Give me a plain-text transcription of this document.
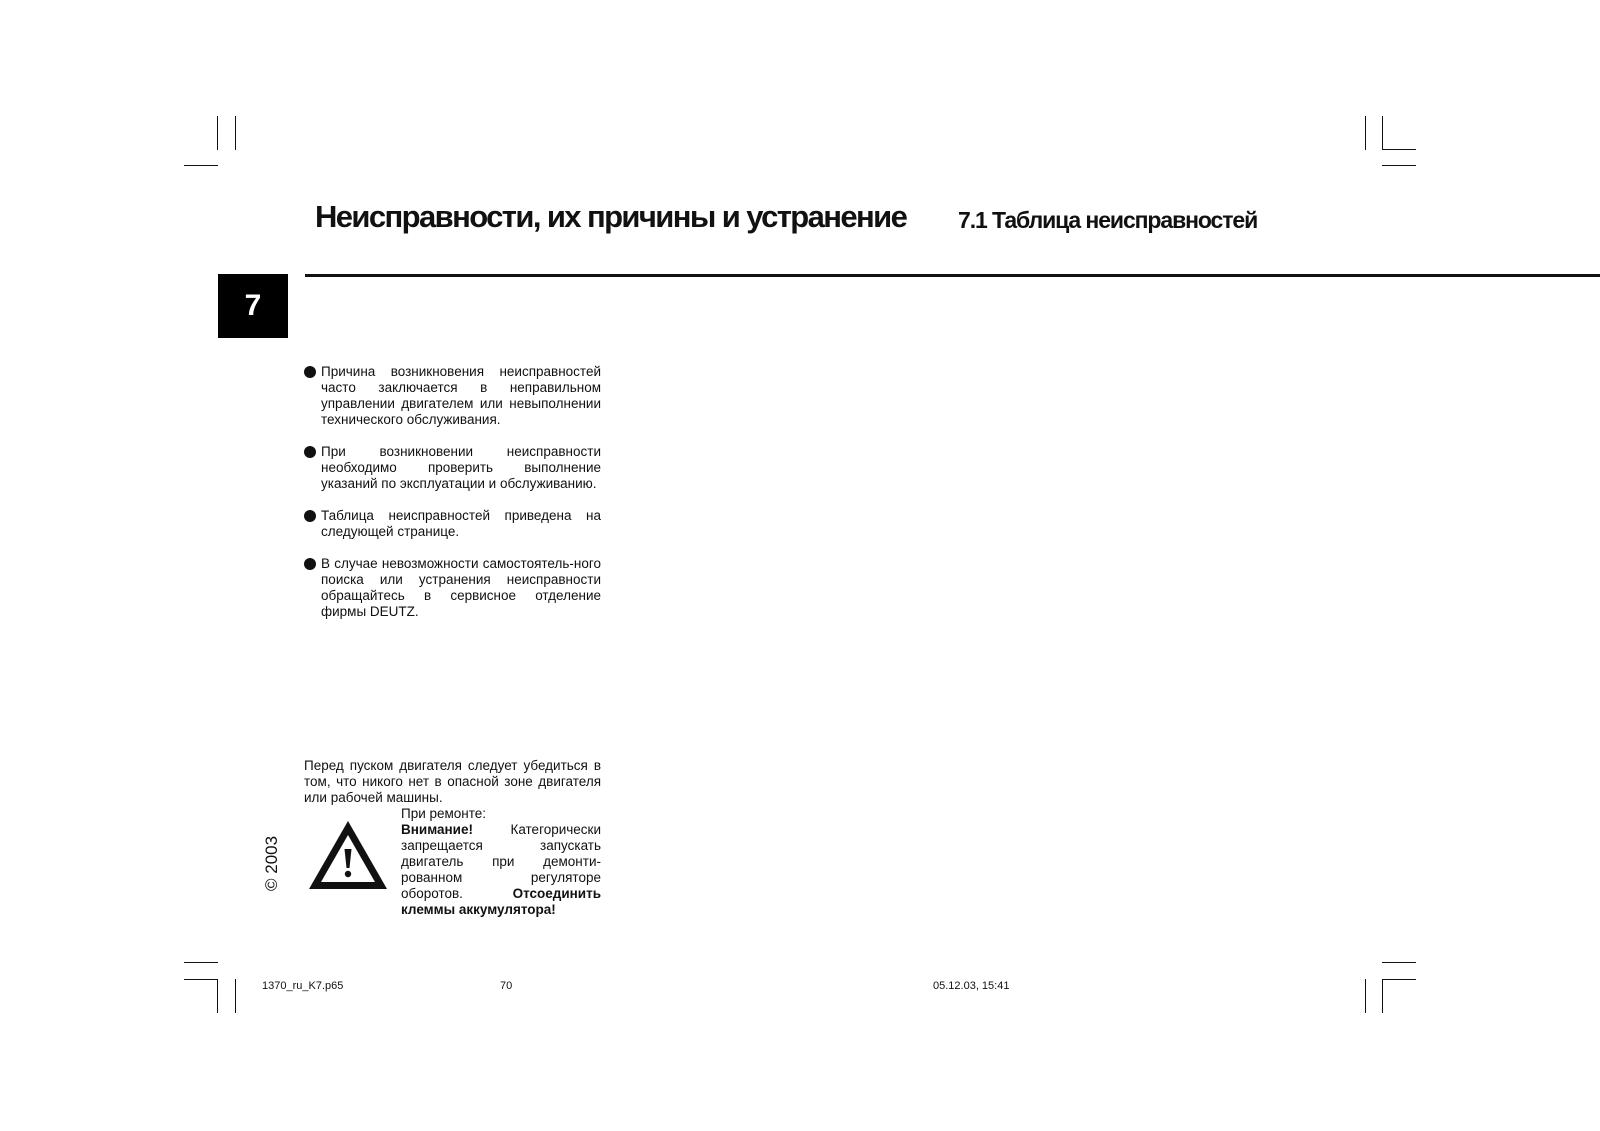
Неисправности, их причины и устранение 7.1 Таблица неисправностей
7
Причина возникновения неисправностей часто заключается в неправильном управлении двигателем или невыполнении технического обслуживания.
При возникновении неисправности необходимо проверить выполнение указаний по эксплуатации и обслуживанию.
Таблица неисправностей приведена на следующей странице.
В случае невозможности самостоятель-ного поиска или устранения неисправности обращайтесь в сервисное отделение фирмы DEUTZ.
Перед пуском двигателя следует убедиться в том, что никого нет в опасной зоне двигателя или рабочей машины.
При ремонте:
Внимание! Категорически запрещается запускать двигатель при демонти-рованном регуляторе оборотов. Отсоединить клеммы аккумулятора!
© 2003
1370_ru_K7.p65	70	05.12.03, 15:41
